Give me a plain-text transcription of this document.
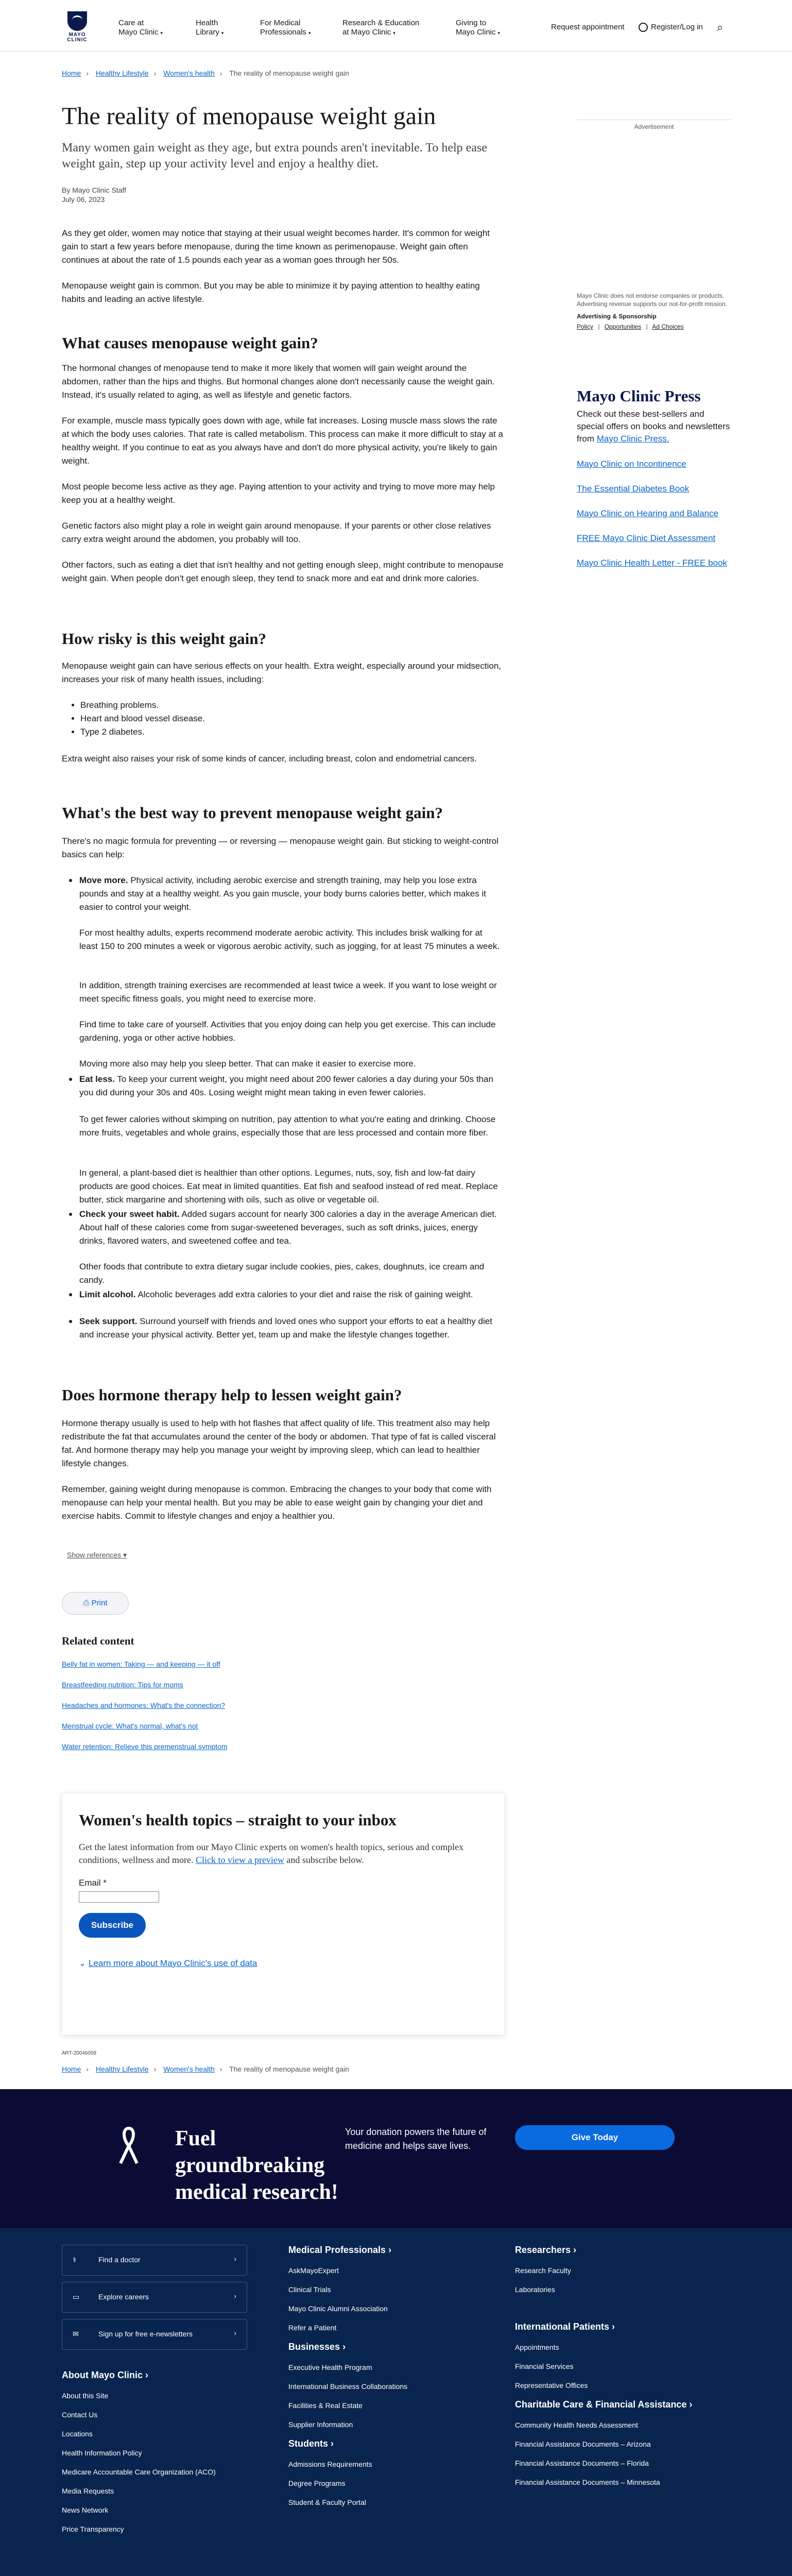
MAYO CLINIC
Care at Mayo Clinic ▾
Health Library ▾
For Medical Professionals ▾
Research & Education at Mayo Clinic ▾
Giving to Mayo Clinic ▾
Request appointment	Register/Log in ⌕
Home › Healthy Lifestyle › Women's health › The reality of menopause weight gain
The reality of menopause weight gain
Many women gain weight as they age, but extra pounds aren't inevitable. To help ease weight gain, step up your activity level and enjoy a healthy diet.
By Mayo Clinic Staff
July 06, 2023
As they get older, women may notice that staying at their usual weight becomes harder. It's common for weight gain to start a few years before menopause, during the time known as perimenopause. Weight gain often continues at about the rate of 1.5 pounds each year as a woman goes through her 50s.
Menopause weight gain is common. But you may be able to minimize it by paying attention to healthy eating habits and leading an active lifestyle.
What causes menopause weight gain?
The hormonal changes of menopause tend to make it more likely that women will gain weight around the abdomen, rather than the hips and thighs. But hormonal changes alone don't necessarily cause the weight gain. Instead, it's usually related to aging, as well as lifestyle and genetic factors.
For example, muscle mass typically goes down with age, while fat increases. Losing muscle mass slows the rate at which the body uses calories. That rate is called metabolism. This process can make it more difficult to stay at a healthy weight. If you continue to eat as you always have and don't do more physical activity, you're likely to gain weight.
Most people become less active as they age. Paying attention to your activity and trying to move more may help keep you at a healthy weight.
Genetic factors also might play a role in weight gain around menopause. If your parents or other close relatives carry extra weight around the abdomen, you probably will too.
Other factors, such as eating a diet that isn't healthy and not getting enough sleep, might contribute to menopause weight gain. When people don't get enough sleep, they tend to snack more and eat and drink more calories.
How risky is this weight gain?
Menopause weight gain can have serious effects on your health. Extra weight, especially around your midsection, increases your risk of many health issues, including:
• Breathing problems.
• Heart and blood vessel disease.
• Type 2 diabetes.
Extra weight also raises your risk of some kinds of cancer, including breast, colon and endometrial cancers.
What's the best way to prevent menopause weight gain?
There's no magic formula for preventing — or reversing — menopause weight gain. But sticking to weight-control basics can help:
Move more. Physical activity, including aerobic exercise and strength training, may help you lose extra pounds and stay at a healthy weight. As you gain muscle, your body burns calories better, which makes it easier to control your weight.
For most healthy adults, experts recommend moderate aerobic activity. This includes brisk walking for at least 150 to 200 minutes a week or vigorous aerobic activity, such as jogging, for at least 75 minutes a week.
In addition, strength training exercises are recommended at least twice a week. If you want to lose weight or meet specific fitness goals, you might need to exercise more.
Find time to take care of yourself. Activities that you enjoy doing can help you get exercise. This can include gardening, yoga or other active hobbies.
Moving more also may help you sleep better. That can make it easier to exercise more.
Eat less. To keep your current weight, you might need about 200 fewer calories a day during your 50s than you did during your 30s and 40s. Losing weight might mean taking in even fewer calories.
To get fewer calories without skimping on nutrition, pay attention to what you're eating and drinking. Choose more fruits, vegetables and whole grains, especially those that are less processed and contain more fiber.
In general, a plant-based diet is healthier than other options. Legumes, nuts, soy, fish and low-fat dairy products are good choices. Eat meat in limited quantities. Eat fish and seafood instead of red meat. Replace butter, stick margarine and shortening with oils, such as olive or vegetable oil.
Check your sweet habit. Added sugars account for nearly 300 calories a day in the average American diet. About half of these calories come from sugar-sweetened beverages, such as soft drinks, juices, energy drinks, flavored waters, and sweetened coffee and tea.
Other foods that contribute to extra dietary sugar include cookies, pies, cakes, doughnuts, ice cream and candy.
Limit alcohol. Alcoholic beverages add extra calories to your diet and raise the risk of gaining weight.
Seek support. Surround yourself with friends and loved ones who support your efforts to eat a healthy diet and increase your physical activity. Better yet, team up and make the lifestyle changes together.
Does hormone therapy help to lessen weight gain?
Hormone therapy usually is used to help with hot flashes that affect quality of life. This treatment also may help redistribute the fat that accumulates around the center of the body or abdomen. That type of fat is called visceral fat. And hormone therapy may help you manage your weight by improving sleep, which can lead to healthier lifestyle changes.
Remember, gaining weight during menopause is common. Embracing the changes to your body that come with menopause can help your mental health. But you may be able to ease weight gain by changing your diet and exercise habits. Commit to lifestyle changes and enjoy a healthier you.
Show references ▾
⎙ Print
Related content
Belly fat in women: Taking — and keeping — it off
Breastfeeding nutrition: Tips for moms
Headaches and hormones: What's the connection?
Menstrual cycle: What's normal, what's not
Water retention: Relieve this premenstrual symptom
Women's health topics – straight to your inbox
Get the latest information from our Mayo Clinic experts on women's health topics, serious and complex conditions, wellness and more. Click to view a preview and subscribe below.
Email *
Subscribe
⌄ Learn more about Mayo Clinic's use of data
ART-20046058
Home › Healthy Lifestyle › Women's health › The reality of menopause weight gain
Advertisement
Mayo Clinic does not endorse companies or products. Advertising revenue supports our not-for-profit mission.
Advertising & Sponsorship
Policy | Opportunities | Ad Choices
Mayo Clinic Press
Check out these best-sellers and special offers on books and newsletters from Mayo Clinic Press.
Mayo Clinic on Incontinence
The Essential Diabetes Book
Mayo Clinic on Hearing and Balance
FREE Mayo Clinic Diet Assessment
Mayo Clinic Health Letter - FREE book
Fuel groundbreaking medical research!
Your donation powers the future of medicine and helps save lives.
Give Today
⚕	Find a doctor	›
▭	Explore careers	›
✉	Sign up for free e-newsletters	›
About Mayo Clinic ›
About this Site
Contact Us
Locations
Health Information Policy
Medicare Accountable Care Organization (ACO)
Media Requests
News Network
Price Transparency
Medical Professionals ›
AskMayoExpert
Clinical Trials
Mayo Clinic Alumni Association
Refer a Patient
Businesses ›
Executive Health Program
International Business Collaborations
Facilities & Real Estate
Supplier Information
Students ›
Admissions Requirements
Degree Programs
Student & Faculty Portal
Researchers ›
Research Faculty
Laboratories
International Patients ›
Appointments
Financial Services
Representative Offices
Charitable Care & Financial Assistance ›
Community Health Needs Assessment
Financial Assistance Documents – Arizona
Financial Assistance Documents – Florida
Financial Assistance Documents – Minnesota
